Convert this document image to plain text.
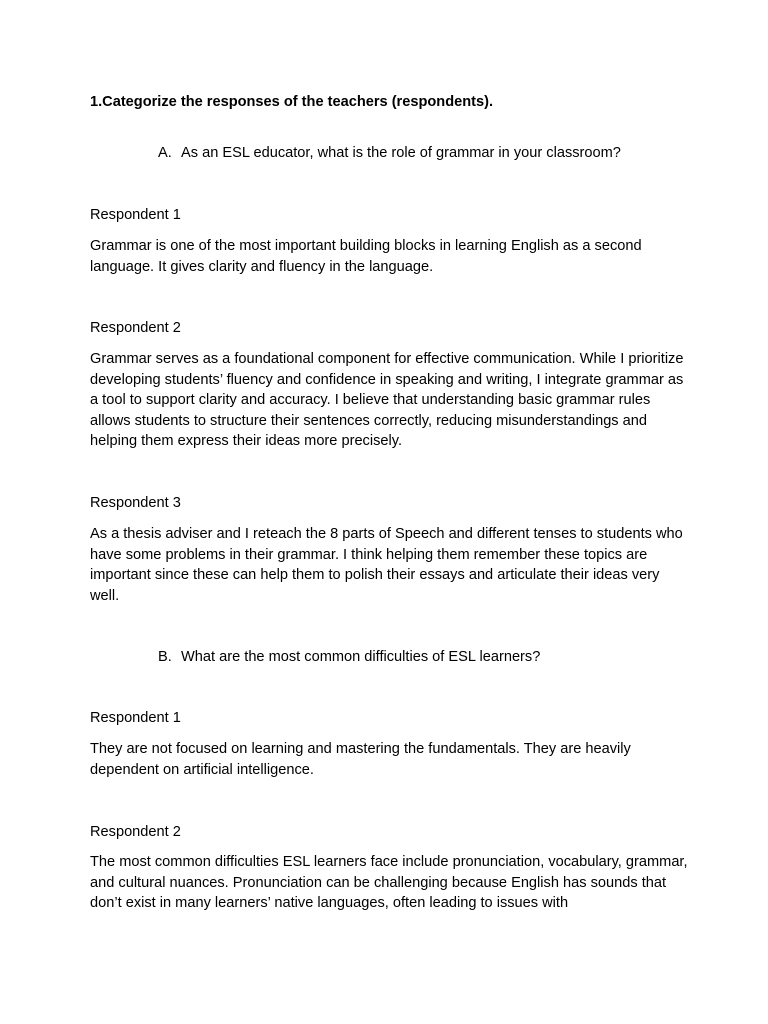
1.Categorize the responses of the teachers (respondents).

A. As an ESL educator, what is the role of grammar in your classroom?

Respondent 1

Grammar is one of the most important building blocks in learning English as a second language. It gives clarity and fluency in the language.

Respondent 2

Grammar serves as a foundational component for effective communication. While I prioritize developing students’ fluency and confidence in speaking and writing, I integrate grammar as a tool to support clarity and accuracy. I believe that understanding basic grammar rules allows students to structure their sentences correctly, reducing misunderstandings and helping them express their ideas more precisely.

Respondent 3

As a thesis adviser and I reteach the 8 parts of Speech and different tenses to students who have some problems in their grammar. I think helping them remember these topics are important since these can help them to polish their essays and articulate their ideas very well.

B. What are the most common difficulties of ESL learners?

Respondent 1

They are not focused on learning and mastering the fundamentals. They are heavily dependent on artificial intelligence.

Respondent 2

The most common difficulties ESL learners face include pronunciation, vocabulary, grammar, and cultural nuances. Pronunciation can be challenging because English has sounds that don’t exist in many learners’ native languages, often leading to issues with
